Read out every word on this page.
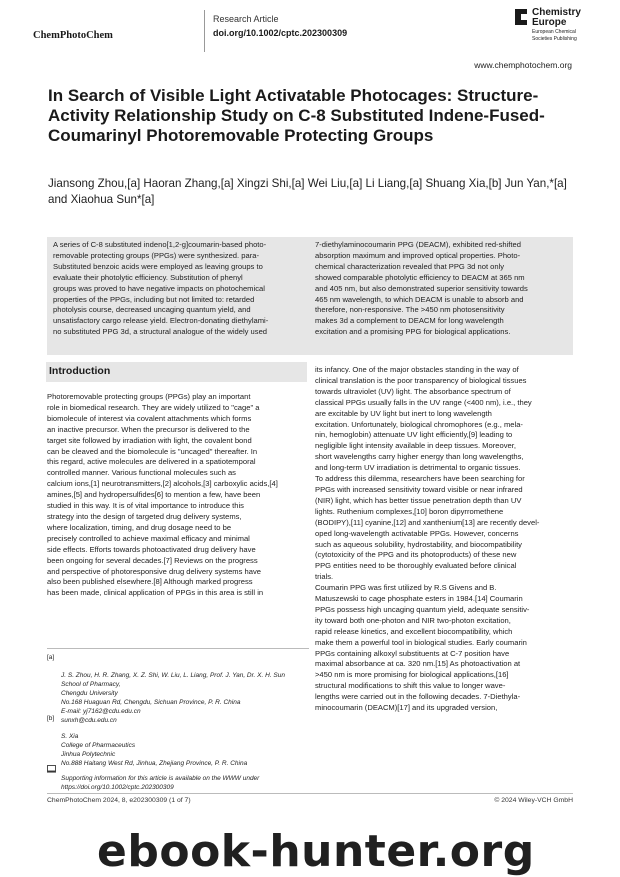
ChemPhotoChem
Research Article
doi.org/10.1002/cptc.202300309
Chemistry
Europe
European Chemical
Societies Publishing
www.chemphotochem.org
In Search of Visible Light Activatable Photocages: Structure-Activity Relationship Study on C-8 Substituted Indene-Fused-Coumarinyl Photoremovable Protecting Groups
Jiansong Zhou,[a] Haoran Zhang,[a] Xingzi Shi,[a] Wei Liu,[a] Li Liang,[a] Shuang Xia,[b] Jun Yan,*[a] and Xiaohua Sun*[a]
A series of C-8 substituted indeno[1,2-g]coumarin-based photo-
removable protecting groups (PPGs) were synthesized. para-
Substituted benzoic acids were employed as leaving groups to
evaluate their photolytic efficiency. Substitution of phenyl
groups was proved to have negative impacts on photochemical
properties of the PPGs, including but not limited to: retarded
photolysis course, decreased uncaging quantum yield, and
unsatisfactory cargo release yield. Electron-donating diethylami-
no substituted PPG 3d, a structural analogue of the widely used
7-diethylaminocoumarin PPG (DEACM), exhibited red-shifted
absorption maximum and improved optical properties. Photo-
chemical characterization revealed that PPG 3d not only
showed comparable photolytic efficiency to DEACM at 365 nm
and 405 nm, but also demonstrated superior sensitivity towards
465 nm wavelength, to which DEACM is unable to absorb and
therefore, non-responsive. The >450 nm photosensitivity
makes 3d a complement to DEACM for long wavelength
excitation and a promising PPG for biological applications.
Introduction
Photoremovable protecting groups (PPGs) play an important
role in biomedical research. They are widely utilized to "cage" a
biomolecule of interest via covalent attachments which forms
an inactive precursor. When the precursor is delivered to the
target site followed by irradiation with light, the covalent bond
can be cleaved and the biomolecule is "uncaged" thereafter. In
this regard, active molecules are delivered in a spatiotemporal
controlled manner. Various functional molecules such as
calcium ions,[1] neurotransmitters,[2] alcohols,[3] carboxylic acids,[4]
amines,[5] and hydropersulfides[6] to mention a few, have been
studied in this way. It is of vital importance to introduce this
strategy into the design of targeted drug delivery systems,
where localization, timing, and drug dosage need to be
precisely controlled to achieve maximal efficacy and minimal
side effects. Efforts towards photoactivated drug delivery have
been ongoing for several decades.[7] Reviews on the progress
and perspective of photoresponsive drug delivery systems have
also been published elsewhere.[8] Although marked progress
has been made, clinical application of PPGs in this area is still in
its infancy. One of the major obstacles standing in the way of
clinical translation is the poor transparency of biological tissues
towards ultraviolet (UV) light. The absorbance spectrum of
classical PPGs usually falls in the UV range (<400 nm), i.e., they
are excitable by UV light but inert to long wavelength
excitation. Unfortunately, biological chromophores (e.g., mela-
nin, hemoglobin) attenuate UV light efficiently,[9] leading to
negligible light intensity available in deep tissues. Moreover,
short wavelengths carry higher energy than long wavelengths,
and long-term UV irradiation is detrimental to organic tissues.
To address this dilemma, researchers have been searching for
PPGs with increased sensitivity toward visible or near infrared
(NIR) light, which has better tissue penetration depth than UV
lights. Ruthenium complexes,[10] boron dipyrromethene
(BODIPY),[11] cyanine,[12] and xanthenium[13] are recently devel-
oped long-wavelength activatable PPGs. However, concerns
such as aqueous solubility, hydrostability, and biocompatibility
(cytotoxicity of the PPG and its photoproducts) of these new
PPG entities need to be thoroughly evaluated before clinical
trials.
Coumarin PPG was first utilized by R.S Givens and B.
Matuszewski to cage phosphate esters in 1984.[14] Coumarin
PPGs possess high uncaging quantum yield, adequate sensitiv-
ity toward both one-photon and NIR two-photon excitation,
rapid release kinetics, and excellent biocompatibility, which
make them a powerful tool in biological studies. Early coumarin
PPGs containing alkoxyl substituents at C-7 position have
maximal absorbance at ca. 320 nm.[15] As photoactivation at
>450 nm is more promising for biological applications,[16]
structural modifications to shift this value to longer wave-
lengths were carried out in the following decades. 7-Diethyla-
minocoumarin (DEACM)[17] and its upgraded version,

[a]

J. S. Zhou, H. R. Zhang, X. Z. Shi, W. Liu, L. Liang, Prof. J. Yan, Dr. X. H. Sun
School of Pharmacy,
Chengdu University
No.168 Huaguan Rd, Chengdu, Sichuan Province, P. R. China
E-mail: yj7162@cdu.edu.cn
sunxh@cdu.edu.cn

[b]

S. Xia
College of Pharmaceutics
Jinhua Polytechnic
No.888 Haitang West Rd, Jinhua, Zhejiang Province, P. R. China

Supporting information for this article is available on the WWW under
https://doi.org/10.1002/cptc.202300309

ChemPhotoChem 2024, 8, e202300309 (1 of 7)	© 2024 Wiley-VCH GmbH
ebook-hunter.org
